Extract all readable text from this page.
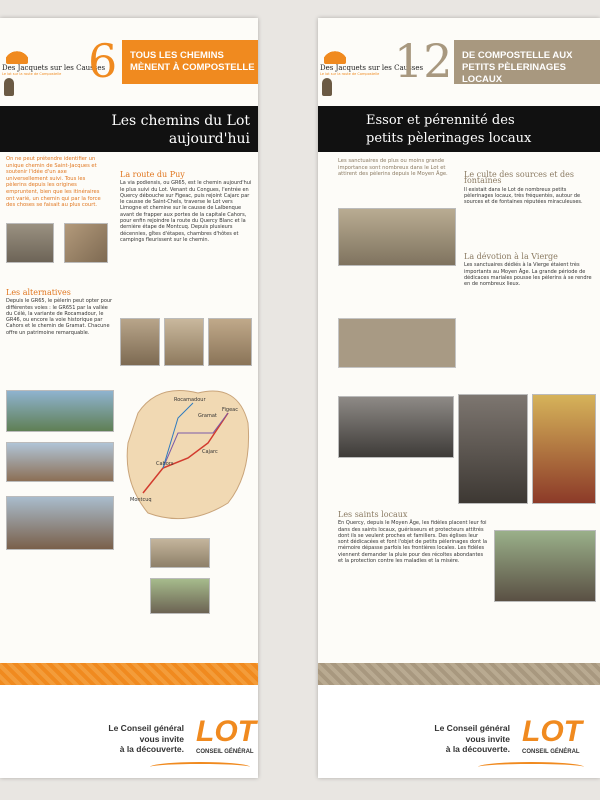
Des Jacquets sur les Causses
Le lot sur la route de Compostelle 6	TOUS LES CHEMINS MÈNENT À COMPOSTELLE
Les chemins du Lot
aujourd'hui

On ne peut prétendre identifier un unique chemin de Saint-Jacques et soutenir l'idée d'un axe universellement suivi. Tous les pèlerins depuis les origines empruntent, bien que les itinéraires ont varié, un chemin qui par la force des choses se faisait au plus court.

La route du Puy
La via podiensis, ou GR65, est le chemin aujourd'hui le plus suivi du Lot. Venant du Congues, l'entrée en Quercy débouche sur Figeac, puis rejoint Cajarc par le causse de Saint-Chels, traverse le Lot vers Limogne et chemine sur le causse de Lalbenque avant de frapper aux portes de la capitale Cahors, pour enfin rejoindre la route du Quercy Blanc et la dernière étape de Montcuq. Depuis plusieurs décennies, gîtes d'étapes, chambres d'hôtes et campings fleurissent sur le chemin.
Les alternatives
Depuis le GR65, le pèlerin peut opter pour différentes voies : le GR651 par la vallée du Célé, la variante de Rocamadour, le GR46, ou encore la voie historique par Cahors et le chemin de Gramat. Chacune offre un patrimoine remarquable.
Figeac
Cajarc
Cahors
Gramat
Rocamadour
Montcuq
Le Conseil général
vous invite
à la découverte.
LOT
CONSEIL GÉNÉRAL
Des Jacquets sur les Causses
Le lot sur la route de Compostelle 12 DE COMPOSTELLE AUX PETITS PÈLERINAGES LOCAUX
Essor et pérennité des
petits pèlerinages locaux

Les sanctuaires de plus ou moins grande importance sont nombreux dans le Lot et attirent des pèlerins depuis le Moyen Âge.	Le culte des sources et des fontaines
Il existait dans le Lot de nombreux petits pèlerinages locaux, très fréquentés, autour de sources et de fontaines réputées miraculeuses.
La dévotion à la Vierge
Les sanctuaires dédiés à la Vierge étaient très importants au Moyen Âge. La grande période de dédicaces mariales pousse les pèlerins à se rendre en de nombreux lieux.
Les saints locaux
En Quercy, depuis le Moyen Âge, les fidèles placent leur foi dans des saints locaux, guérisseurs et protecteurs attitrés dont ils se veulent proches et familiers. Des églises leur sont dédicacées et font l'objet de petits pèlerinages dont la mémoire dépasse parfois les frontières locales. Les fidèles viennent demander la pluie pour des récoltes abondantes et la protection contre les maladies et la misère.
Le Conseil général
vous invite
à la découverte.
LOT
CONSEIL GÉNÉRAL
